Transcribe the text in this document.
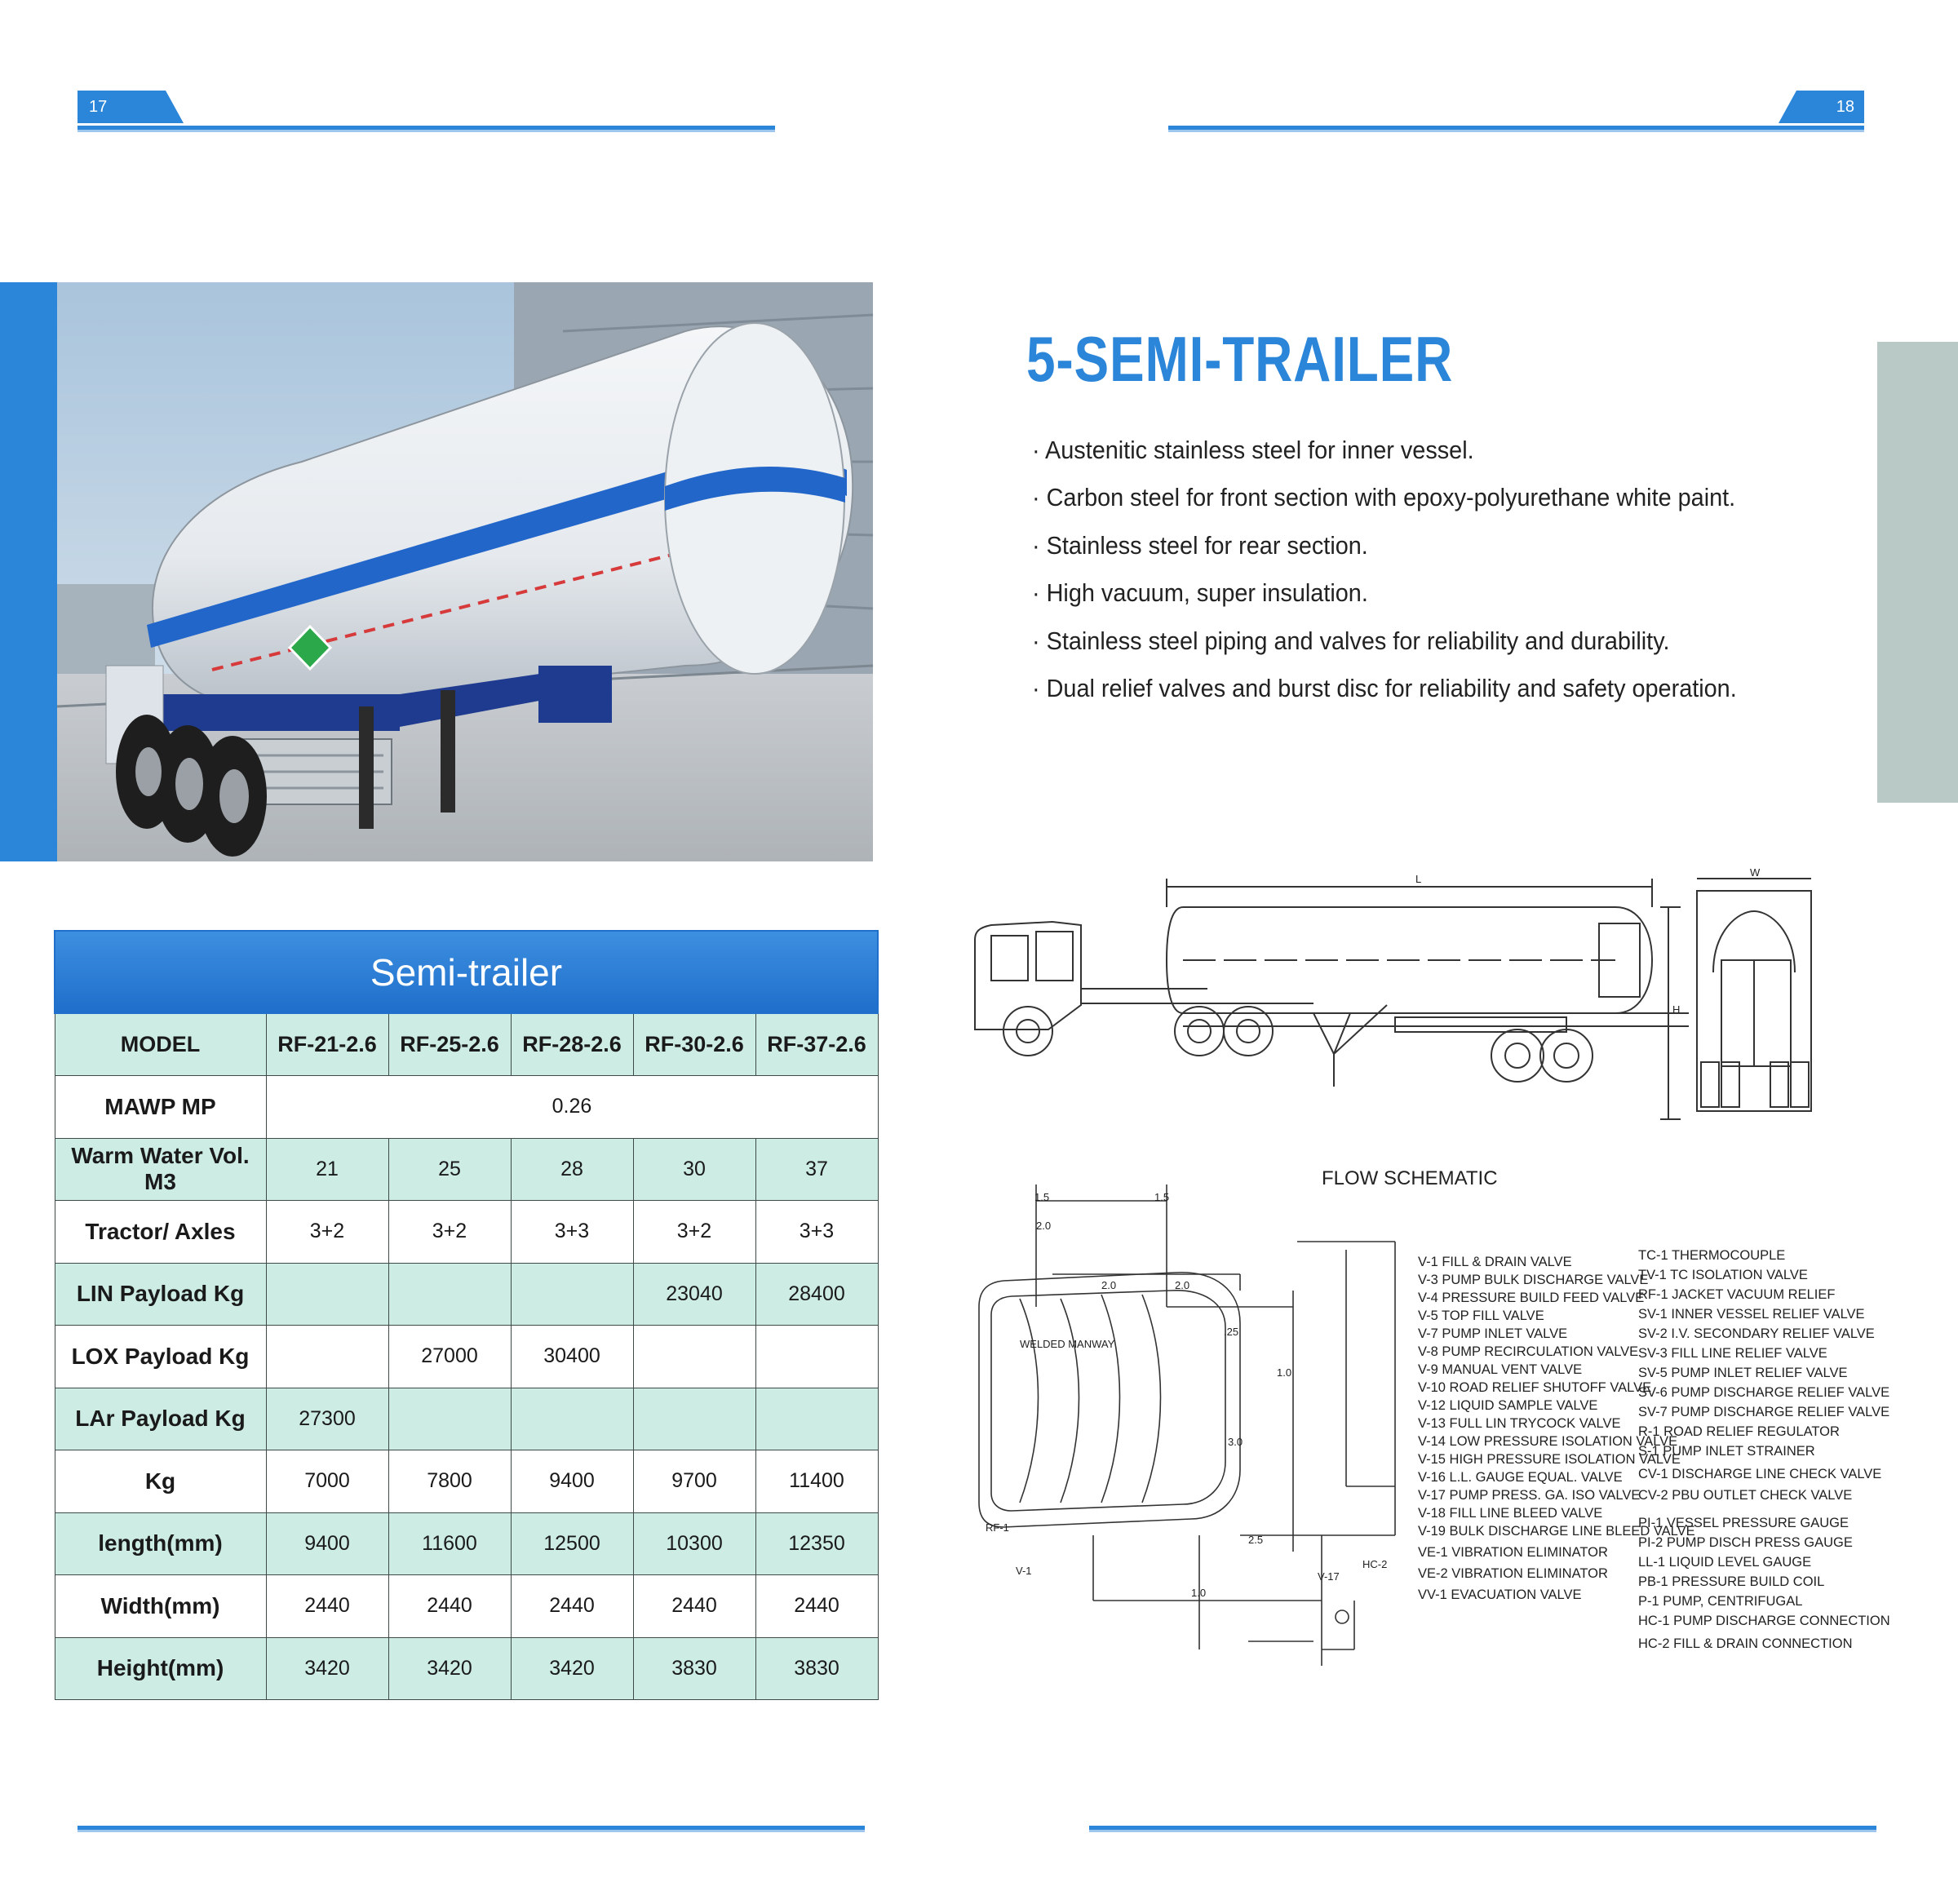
17	18
5-SEMI-TRAILER
· Austenitic stainless steel for inner vessel.
· Carbon steel for front section with epoxy-polyurethane white paint.
· Stainless steel for rear section.
· High vacuum, super insulation.
· Stainless steel piping and valves for reliability and durability.
· Dual relief valves and burst disc for reliability and safety operation.
Semi-trailer					
MODEL	RF-21-2.6	RF-25-2.6	RF-28-2.6	RF-30-2.6	RF-37-2.6
MAWP MP	0.26				
Warm Water Vol. M3	21	25	28	30	37
Tractor/ Axles	3+2	3+2	3+3	3+2	3+3
LIN Payload Kg				23040	28400
LOX Payload Kg		27000	30400		
LAr Payload Kg	27300				
Kg	7000	7800	9400	9700	11400
length(mm)	9400	11600	12500	10300	12350
Width(mm)	2440	2440	2440	2440	2440
Height(mm)	3420	3420	3420	3830	3830
L
W
H
FLOW SCHEMATIC
1.5	1.5
2.0
2.0	2.0
.25
1.0
3.0
2.5
1.0
V-1
RF-1
V-17
HC-2
WELDED MANWAY
V-1 FILL & DRAIN VALVE
V-3 PUMP BULK DISCHARGE VALVE
V-4 PRESSURE BUILD FEED VALVE
V-5 TOP FILL VALVE
V-7 PUMP INLET VALVE
V-8 PUMP RECIRCULATION VALVE
V-9 MANUAL VENT VALVE
V-10 ROAD RELIEF SHUTOFF VALVE
V-12 LIQUID SAMPLE VALVE
V-13 FULL LIN TRYCOCK VALVE
V-14 LOW PRESSURE ISOLATION VALVE
V-15 HIGH PRESSURE ISOLATION VALVE
V-16 L.L. GAUGE EQUAL. VALVE
V-17 PUMP PRESS. GA. ISO VALVE
V-18 FILL LINE BLEED VALVE
V-19 BULK DISCHARGE LINE BLEED VALVE
VE-1 VIBRATION ELIMINATOR
VE-2 VIBRATION ELIMINATOR
VV-1 EVACUATION VALVE
TC-1 THERMOCOUPLE
TV-1 TC ISOLATION VALVE
RF-1 JACKET VACUUM RELIEF
SV-1 INNER VESSEL RELIEF VALVE
SV-2 I.V. SECONDARY RELIEF VALVE
SV-3 FILL LINE RELIEF VALVE
SV-5 PUMP INLET RELIEF VALVE
SV-6 PUMP DISCHARGE RELIEF VALVE
SV-7 PUMP DISCHARGE RELIEF VALVE
R-1 ROAD RELIEF REGULATOR
S-1 PUMP INLET STRAINER
CV-1 DISCHARGE LINE CHECK VALVE
CV-2 PBU OUTLET CHECK VALVE
PI-1 VESSEL PRESSURE GAUGE
PI-2 PUMP DISCH PRESS GAUGE
LL-1 LIQUID LEVEL GAUGE
PB-1 PRESSURE BUILD COIL
P-1 PUMP, CENTRIFUGAL
HC-1 PUMP DISCHARGE CONNECTION
HC-2 FILL & DRAIN CONNECTION
